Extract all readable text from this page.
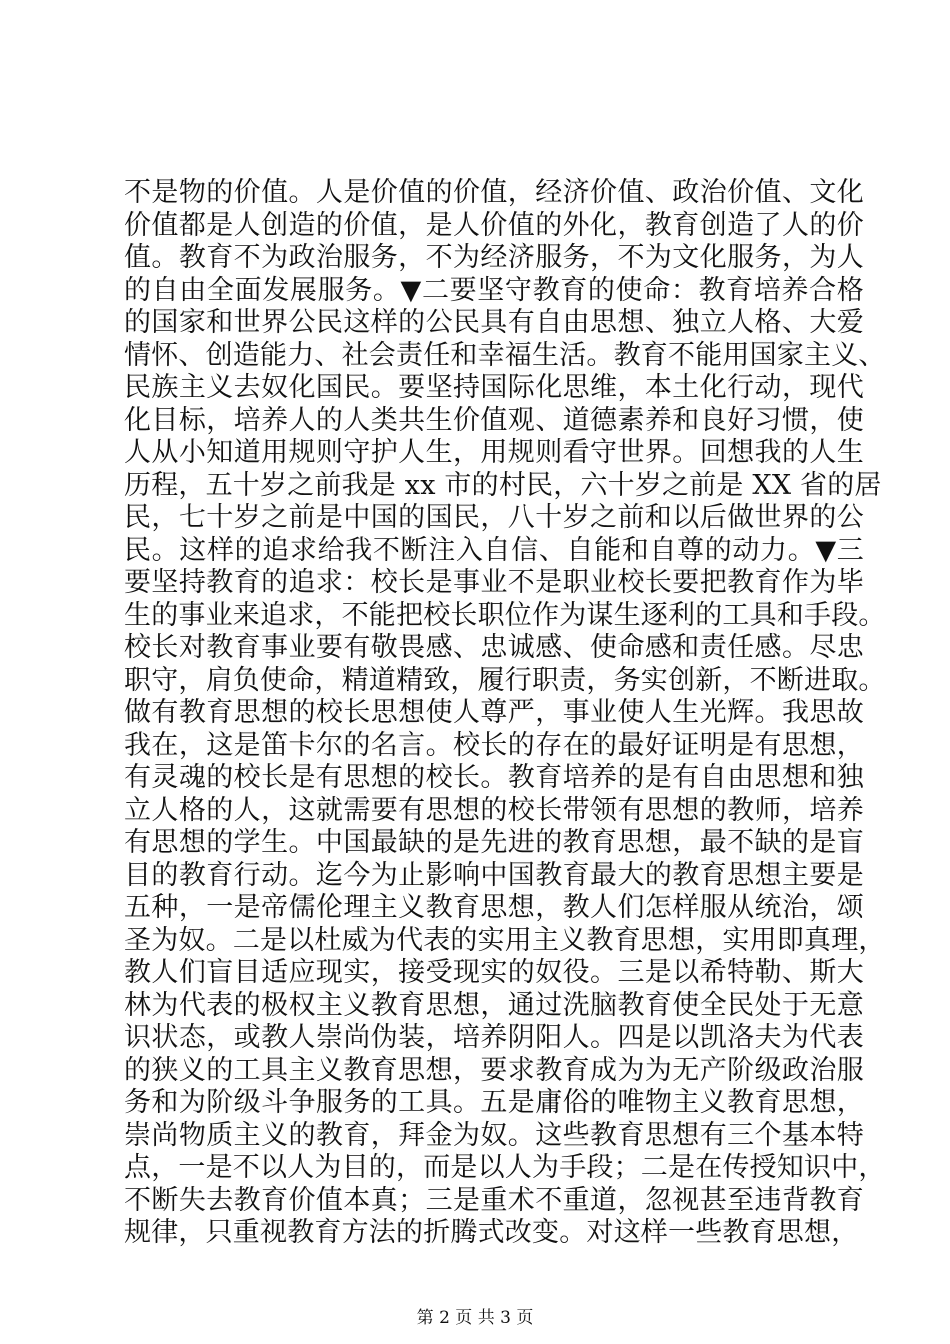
不是物的价值。人是价值的价值，经济价值、政治价值、文化
价值都是人创造的价值，是人价值的外化，教育创造了人的价
值。教育不为政治服务，不为经济服务，不为文化服务，为人
的自由全面发展服务。▼二要坚守教育的使命：教育培养合格
的国家和世界公民这样的公民具有自由思想、独立人格、大爱
情怀、创造能力、社会责任和幸福生活。教育不能用国家主义、
民族主义去奴化国民。要坚持国际化思维，本土化行动，现代
化目标，培养人的人类共生价值观、道德素养和良好习惯，使
人从小知道用规则守护人生，用规则看守世界。回想我的人生
历程，五十岁之前我是 xx 市的村民，六十岁之前是 XX 省的居
民，七十岁之前是中国的国民，八十岁之前和以后做世界的公
民。这样的追求给我不断注入自信、自能和自尊的动力。▼三
要坚持教育的追求：校长是事业不是职业校长要把教育作为毕
生的事业来追求，不能把校长职位作为谋生逐利的工具和手段。
校长对教育事业要有敬畏感、忠诚感、使命感和责任感。尽忠
职守，肩负使命，精道精致，履行职责，务实创新，不断进取。
做有教育思想的校长思想使人尊严，事业使人生光辉。我思故
我在，这是笛卡尔的名言。校长的存在的最好证明是有思想，
有灵魂的校长是有思想的校长。教育培养的是有自由思想和独
立人格的人，这就需要有思想的校长带领有思想的教师，培养
有思想的学生。中国最缺的是先进的教育思想，最不缺的是盲
目的教育行动。迄今为止影响中国教育最大的教育思想主要是
五种，一是帝儒伦理主义教育思想，教人们怎样服从统治，颂
圣为奴。二是以杜威为代表的实用主义教育思想，实用即真理，
教人们盲目适应现实，接受现实的奴役。三是以希特勒、斯大
林为代表的极权主义教育思想，通过洗脑教育使全民处于无意
识状态，或教人崇尚伪装，培养阴阳人。四是以凯洛夫为代表
的狭义的工具主义教育思想，要求教育成为为无产阶级政治服
务和为阶级斗争服务的工具。五是庸俗的唯物主义教育思想，
崇尚物质主义的教育，拜金为奴。这些教育思想有三个基本特
点，一是不以人为目的，而是以人为手段；二是在传授知识中，
不断失去教育价值本真；三是重术不重道，忽视甚至违背教育
规律，只重视教育方法的折腾式改变。对这样一些教育思想，
第 2 页 共 3 页
